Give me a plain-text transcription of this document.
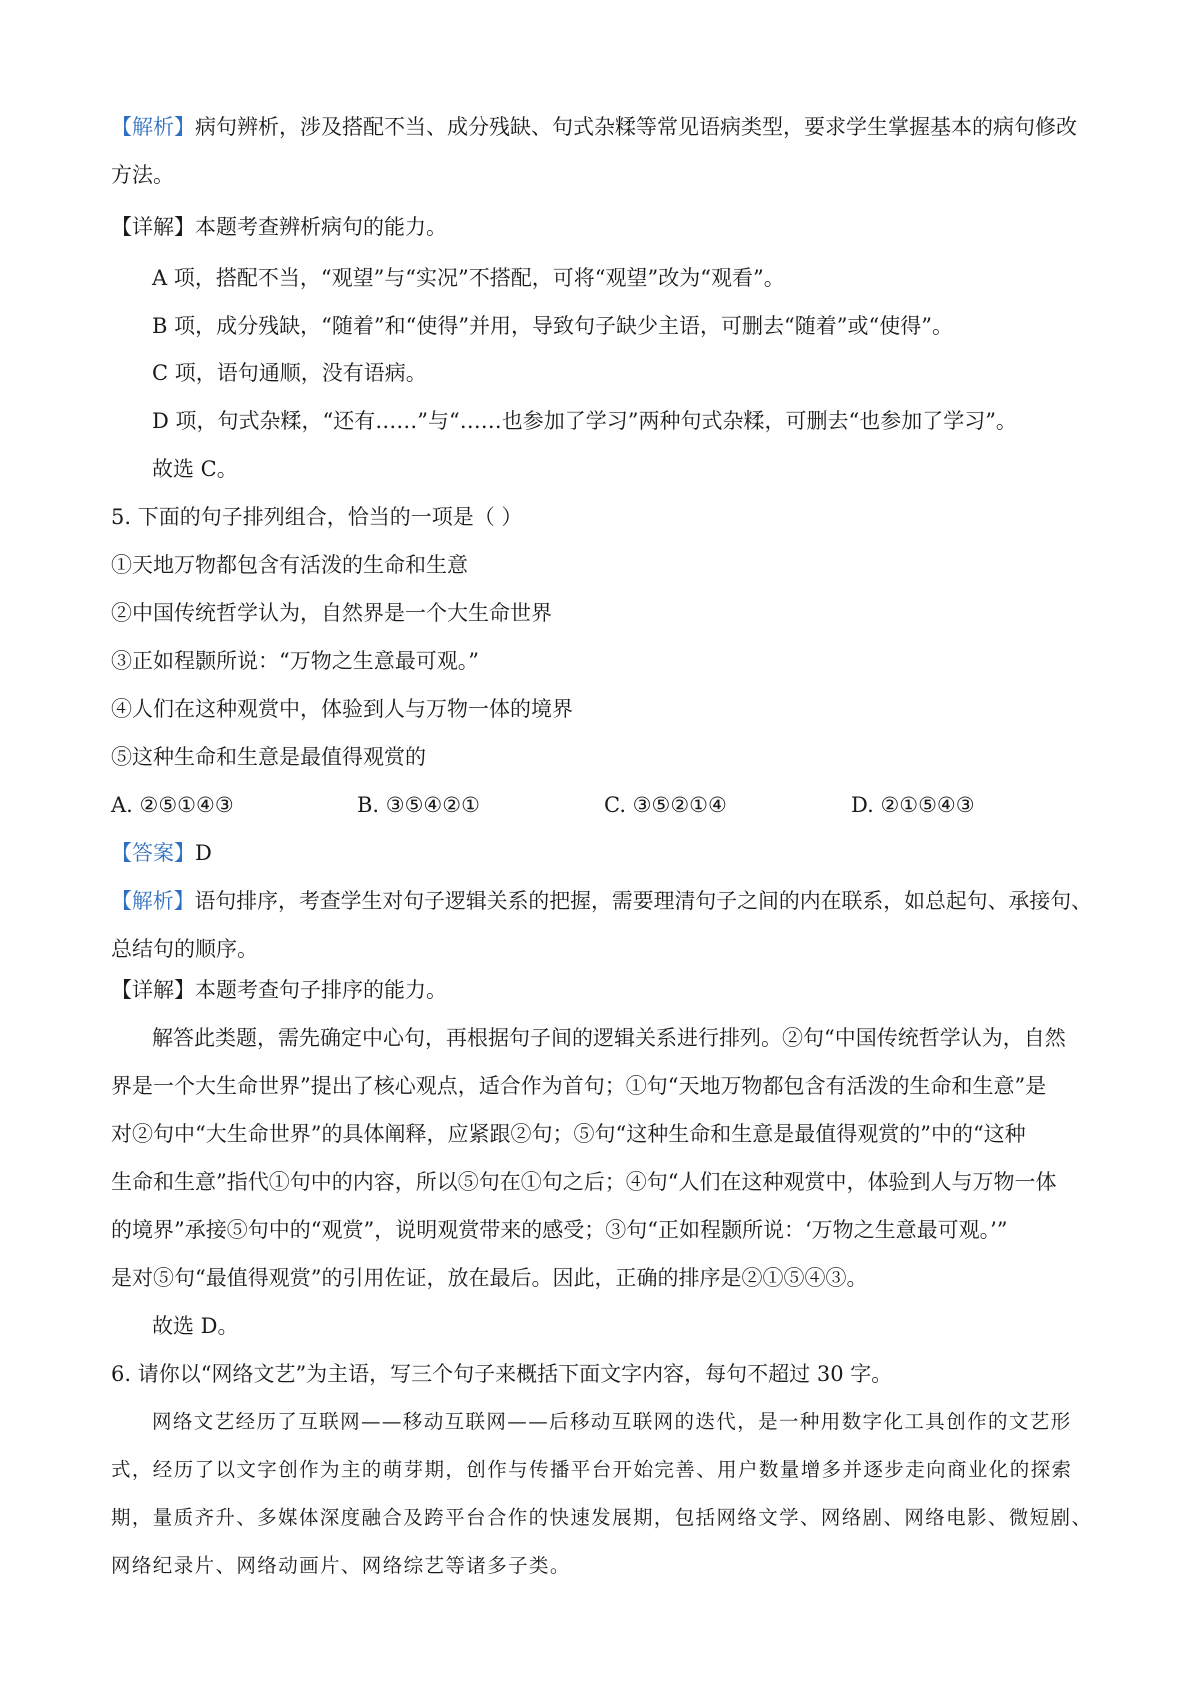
【解析】病句辨析，涉及搭配不当、成分残缺、句式杂糅等常见语病类型，要求学生掌握基本的病句修改
方法。
【详解】本题考查辨析病句的能力。
A 项，搭配不当，“观望”与“实况”不搭配，可将“观望”改为“观看”。
B 项，成分残缺，“随着”和“使得”并用，导致句子缺少主语，可删去“随着”或“使得”。
C 项，语句通顺，没有语病。
D 项，句式杂糅，“还有……”与“……也参加了学习”两种句式杂糅，可删去“也参加了学习”。
故选 C。
5. 下面的句子排列组合，恰当的一项是（ ）
①天地万物都包含有活泼的生命和生意
②中国传统哲学认为，自然界是一个大生命世界
③正如程颢所说：“万物之生意最可观。”
④人们在这种观赏中，体验到人与万物一体的境界
⑤这种生命和生意是最值得观赏的
A. ②⑤①④③	B. ③⑤④②①	C. ③⑤②①④	D. ②①⑤④③
【答案】D
【解析】语句排序，考查学生对句子逻辑关系的把握，需要理清句子之间的内在联系，如总起句、承接句、
总结句的顺序。
【详解】本题考查句子排序的能力。
解答此类题，需先确定中心句，再根据句子间的逻辑关系进行排列。②句“中国传统哲学认为，自然
界是一个大生命世界”提出了核心观点，适合作为首句；①句“天地万物都包含有活泼的生命和生意”是
对②句中“大生命世界”的具体阐释，应紧跟②句；⑤句“这种生命和生意是最值得观赏的”中的“这种
生命和生意”指代①句中的内容，所以⑤句在①句之后；④句“人们在这种观赏中，体验到人与万物一体
的境界”承接⑤句中的“观赏”，说明观赏带来的感受；③句“正如程颢所说：‘万物之生意最可观。’”
是对⑤句“最值得观赏”的引用佐证，放在最后。因此，正确的排序是②①⑤④③。
故选 D。
6. 请你以“网络文艺”为主语，写三个句子来概括下面文字内容，每句不超过 30 字。
网络文艺经历了互联网——移动互联网——后移动互联网的迭代，是一种用数字化工具创作的文艺形
式，经历了以文字创作为主的萌芽期，创作与传播平台开始完善、用户数量增多并逐步走向商业化的探索
期，量质齐升、多媒体深度融合及跨平台合作的快速发展期，包括网络文学、网络剧、网络电影、微短剧、
网络纪录片、网络动画片、网络综艺等诸多子类。
